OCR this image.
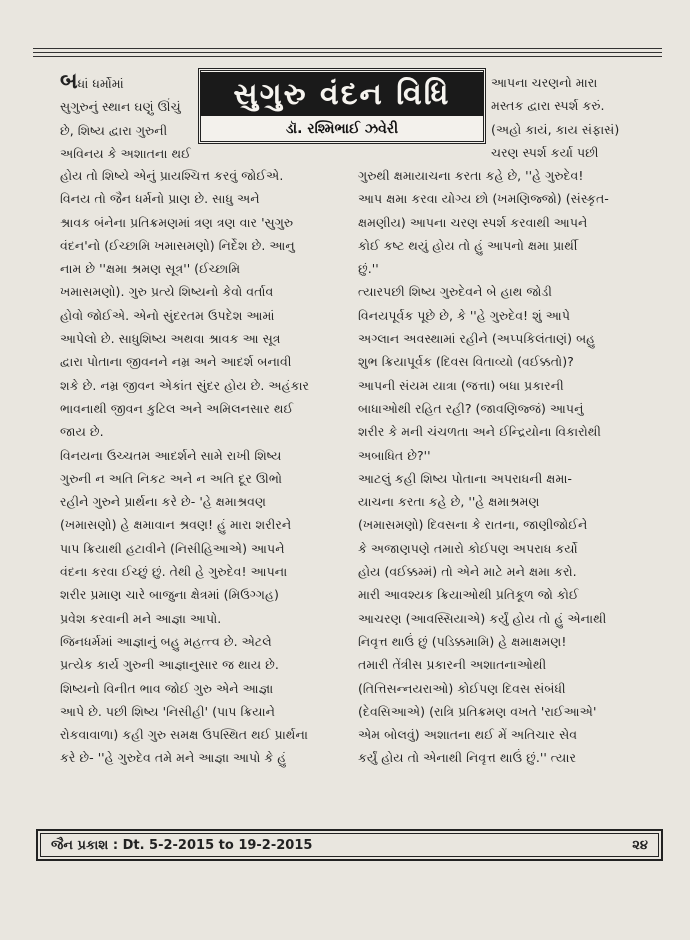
સુગુરુ વંદન વિધિ
ડૉ. રશ્મિભાઈ ઝવેરી
બધાં ધર્મોમાં
સુગુરુનું સ્થાન ઘણું ઊંચું
છે, શિષ્ય દ્વારા ગુરુની
અવિનય કે અશાતના થઈ
હોય તો શિષ્યે એનું પ્રાયશ્ચિત્ત કરવું જોઈએ.
વિનય તો જૈન ધર્મનો પ્રાણ છે. સાધુ અને
શ્રાવક બંનેના પ્રતિક્રમણમાં ત્રણ ત્રણ વાર 'સુગુરુ
વંદન'નો (ઈચ્છામિ ખમાસમણો) નિર્દેશ છે. આનુ
નામ છે ''ક્ષમા શ્રમણ સૂત્ર'' (ઈચ્છામિ
ખમાસમણો). ગુરુ પ્રત્યે શિષ્યનો કેવો વર્તાવ
હોવો જોઈએ. એનો સુંદરતમ ઉપદેશ આમાં
આપેલો છે. સાધુશિષ્ય અથવા શ્રાવક આ સૂત્ર
દ્વારા પોતાના જીવનને નમ્ર અને આદર્શ બનાવી
શકે છે. નમ્ર જીવન એકાંત સુંદર હોય છે. અહંકાર
ભાવનાથી જીવન કુટિલ અને અમિલનસાર થઈ
જાય છે.
વિનયના ઉચ્ચતમ આદર્શને સામે રાખી શિષ્ય
ગુરુની ન અતિ નિકટ અને ન અતિ દૂર ઊભો
રહીને ગુરુને પ્રાર્થના કરે છે- 'હે ક્ષમાશ્રવણ
(ખમાસણો) હે ક્ષમાવાન શ્રવણ! હું મારા શરીરને
પાપ ક્રિયાથી હટાવીને (નિસીહિઆએ) આપને
વંદના કરવા ઈચ્છું છું. તેથી હે ગુરુદેવ! આપના
શરીર પ્રમાણ ચારે બાજુના ક્ષેત્રમાં (મિઉગ્ગહ)
પ્રવેશ કરવાની મને આજ્ઞા આપો.
જિનધર્મમાં આજ્ઞાનું બહુ મહત્ત્વ છે. એટલે
પ્રત્યેક કાર્ય ગુરુની આજ્ઞાનુસાર જ થાય છે.
શિષ્યનો વિનીત ભાવ જોઈ ગુરુ એને આજ્ઞા
આપે છે. પછી શિષ્ય 'નિસીહી' (પાપ ક્રિયાને
રોકવાવાળા) કહી ગુરુ સમક્ષ ઉપસ્થિત થઈ પ્રાર્થના
કરે છે- ''હે ગુરુદેવ તમે મને આજ્ઞા આપો કે હું
આપના ચરણનો મારા
મસ્તક દ્વારા સ્પર્શ કરું.
(અહો કાયં, કાય સંફાસં)
ચરણ સ્પર્શ કર્યા પછી
ગુરુથી ક્ષમાયાચના કરતા કહે છે, ''હે ગુરુદેવ!
આપ ક્ષમા કરવા યોગ્ય છો (ખમણિજ્જો) (સંસ્કૃત-
ક્ષમણીય) આપના ચરણ સ્પર્શ કરવાથી આપને
કોઈ કષ્ટ થયું હોય તો હું આપનો ક્ષમા પ્રાર્થી
છું.''
ત્યારપછી શિષ્ય ગુરુદેવને બે હાથ જોડી
વિનયપૂર્વક પૂછે છે, કે ''હે ગુરુદેવ! શું આપે
અગ્લાન અવસ્થામાં રહીને (અપ્પકિલંતાણં) બહુ
શુભ ક્રિયાપૂર્વક (દિવસ વિતાવ્યો (વઈક્કતો)?
આપની સંયમ યાત્રા (જત્તા) બધા પ્રકારની
બાધાઓથી રહિત રહી? (જાવણિજ્જં) આપનું
શરીર કે મની ચંચળતા અને ઈન્દ્રિયોના વિકારોથી
અબાધિત છે?''
આટલું કહી શિષ્ય પોતાના અપરાધની ક્ષમા-
યાચના કરતા કહે છે, ''હે ક્ષમાશ્રમણ
(ખમાસમણો) દિવસના કે રાતના, જાણીજોઈને
કે અજાણપણે તમારો કોઈપણ અપરાધ કર્યો
હોય (વઈક્કમ્મં) તો એને માટે મને ક્ષમા કરો.
મારી આવશ્યક ક્રિયાઓથી પ્રતિકૂળ જો કોઈ
આચરણ (આવસ્સિયાએ) કર્યું હોય તો હું એનાથી
નિવૃત્ત થાઉં છું (પડિક્કમામિ) હે ક્ષમાક્ષમણ!
તમારી તેંત્રીસ પ્રકારની અશાતનાઓથી
(તિત્તિસન્નયરાઓ) કોઈપણ દિવસ સંબંધી
(દેવસિઆએ) (રાત્રિ પ્રતિક્રમણ વખતે 'રાઈઆએ'
એમ બોલવું) અશાતના થઈ મેં અતિચાર સેવ
કર્યું હોય તો એનાથી નિવૃત્ત થાઉં છું.'' ત્યાર
જૈન પ્રકાશ : Dt. 5-2-2015 to 19-2-2015	૨૪
